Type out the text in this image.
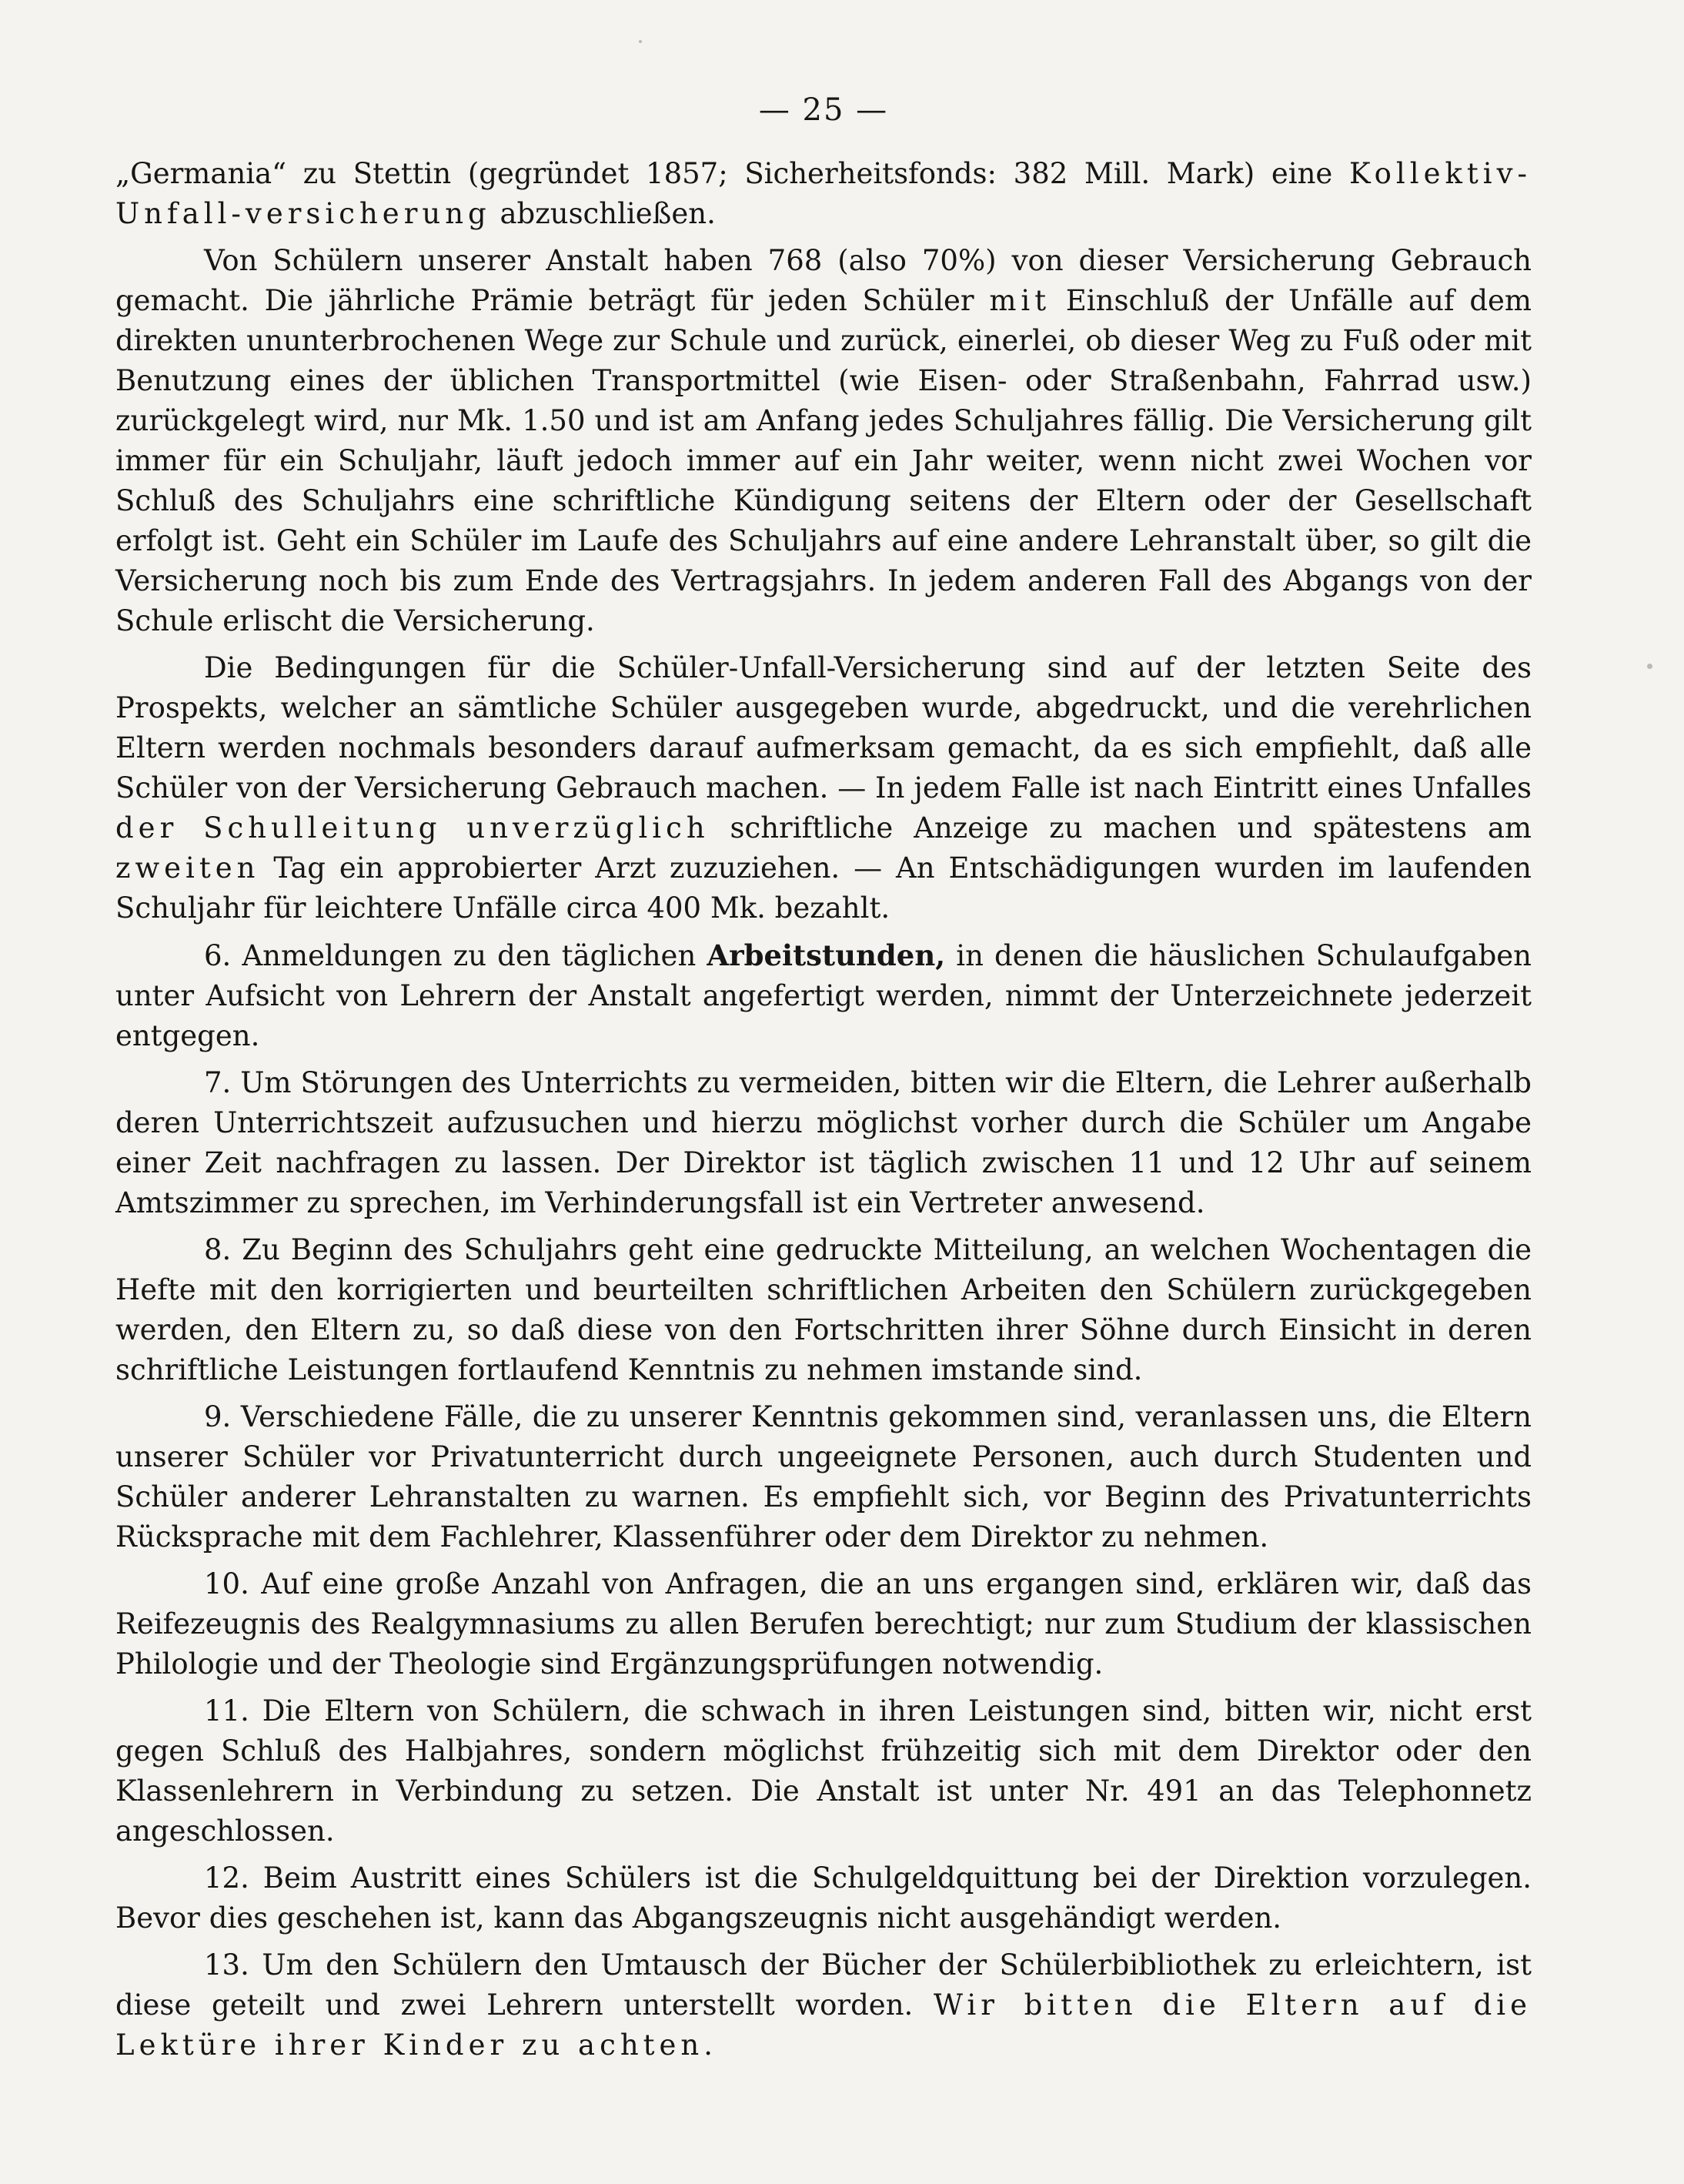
— 25 —

„Germania“ zu Stettin (gegründet 1857; Sicherheitsfonds: 382 Mill. Mark) eine Kollektiv-Unfall-versicherung abzuschließen.

Von Schülern unserer Anstalt haben 768 (also 70%) von dieser Versicherung Gebrauch gemacht. Die jährliche Prämie beträgt für jeden Schüler mit Einschluß der Unfälle auf dem direkten ununterbrochenen Wege zur Schule und zurück, einerlei, ob dieser Weg zu Fuß oder mit Benutzung eines der üblichen Transportmittel (wie Eisen- oder Straßenbahn, Fahrrad usw.) zurückgelegt wird, nur Mk. 1.50 und ist am Anfang jedes Schuljahres fällig. Die Versicherung gilt immer für ein Schuljahr, läuft jedoch immer auf ein Jahr weiter, wenn nicht zwei Wochen vor Schluß des Schuljahrs eine schriftliche Kündigung seitens der Eltern oder der Gesellschaft erfolgt ist. Geht ein Schüler im Laufe des Schuljahrs auf eine andere Lehranstalt über, so gilt die Versicherung noch bis zum Ende des Vertragsjahrs. In jedem anderen Fall des Abgangs von der Schule erlischt die Versicherung.

Die Bedingungen für die Schüler-Unfall-Versicherung sind auf der letzten Seite des Prospekts, welcher an sämtliche Schüler ausgegeben wurde, abgedruckt, und die verehrlichen Eltern werden nochmals besonders darauf aufmerksam gemacht, da es sich empfiehlt, daß alle Schüler von der Versicherung Gebrauch machen. — In jedem Falle ist nach Eintritt eines Unfalles der Schulleitung unverzüglich schriftliche Anzeige zu machen und spätestens am zweiten Tag ein approbierter Arzt zuzuziehen. — An Entschädigungen wurden im laufenden Schuljahr für leichtere Unfälle circa 400 Mk. bezahlt.

6. Anmeldungen zu den täglichen Arbeitstunden, in denen die häuslichen Schulaufgaben unter Aufsicht von Lehrern der Anstalt angefertigt werden, nimmt der Unterzeichnete jederzeit entgegen.

7. Um Störungen des Unterrichts zu vermeiden, bitten wir die Eltern, die Lehrer außerhalb deren Unterrichtszeit aufzusuchen und hierzu möglichst vorher durch die Schüler um Angabe einer Zeit nachfragen zu lassen. Der Direktor ist täglich zwischen 11 und 12 Uhr auf seinem Amtszimmer zu sprechen, im Verhinderungsfall ist ein Vertreter anwesend.

8. Zu Beginn des Schuljahrs geht eine gedruckte Mitteilung, an welchen Wochentagen die Hefte mit den korrigierten und beurteilten schriftlichen Arbeiten den Schülern zurückgegeben werden, den Eltern zu, so daß diese von den Fortschritten ihrer Söhne durch Einsicht in deren schriftliche Leistungen fortlaufend Kenntnis zu nehmen imstande sind.

9. Verschiedene Fälle, die zu unserer Kenntnis gekommen sind, veranlassen uns, die Eltern unserer Schüler vor Privatunterricht durch ungeeignete Personen, auch durch Studenten und Schüler anderer Lehranstalten zu warnen. Es empfiehlt sich, vor Beginn des Privatunterrichts Rücksprache mit dem Fachlehrer, Klassenführer oder dem Direktor zu nehmen.

10. Auf eine große Anzahl von Anfragen, die an uns ergangen sind, erklären wir, daß das Reifezeugnis des Realgymnasiums zu allen Berufen berechtigt; nur zum Studium der klassischen Philologie und der Theologie sind Ergänzungsprüfungen notwendig.

11. Die Eltern von Schülern, die schwach in ihren Leistungen sind, bitten wir, nicht erst gegen Schluß des Halbjahres, sondern möglichst frühzeitig sich mit dem Direktor oder den Klassenlehrern in Verbindung zu setzen. Die Anstalt ist unter Nr. 491 an das Telephonnetz angeschlossen.

12. Beim Austritt eines Schülers ist die Schulgeldquittung bei der Direktion vorzulegen. Bevor dies geschehen ist, kann das Abgangszeugnis nicht ausgehändigt werden.

13. Um den Schülern den Umtausch der Bücher der Schülerbibliothek zu erleichtern, ist diese geteilt und zwei Lehrern unterstellt worden. Wir bitten die Eltern auf die Lektüre ihrer Kinder zu achten.
